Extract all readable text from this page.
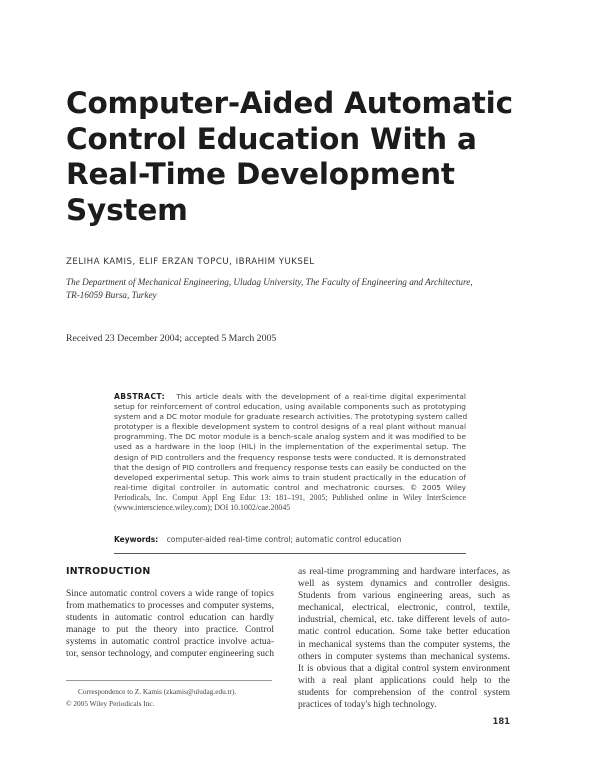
Computer-Aided Automatic
Control Education With a
Real-Time Development
System
ZELIHA KAMIS, ELIF ERZAN TOPCU, IBRAHIM YUKSEL
The Department of Mechanical Engineering, Uludag University, The Faculty of Engineering and Architecture,
TR-16059 Bursa, Turkey
Received 23 December 2004; accepted 5 March 2005
ABSTRACT: This article deals with the development of a real-time digital experimental
setup for reinforcement of control education, using available components such as prototyping
system and a DC motor module for graduate research activities. The prototyping system called
prototyper is a flexible development system to control designs of a real plant without manual
programming. The DC motor module is a bench-scale analog system and it was modified to be
used as a hardware in the loop (HIL) in the implementation of the experimental setup. The
design of PID controllers and the frequency response tests were conducted. It is demonstrated
that the design of PID controllers and frequency response tests can easily be conducted on the
developed experimental setup. This work aims to train student practically in the education of
real-time digital controller in automatic control and mechatronic courses. © 2005 Wiley
Periodicals, Inc. Comput Appl Eng Educ 13: 181–191, 2005; Published online in Wiley InterScience
(www.interscience.wiley.com); DOI 10.1002/cae.20045
Keywords: computer-aided real-time control; automatic control education
INTRODUCTION
Since automatic control covers a wide range of topics
from mathematics to processes and computer systems,
students in automatic control education can hardly
manage to put the theory into practice. Control
systems in automatic control practice involve actua-
tor, sensor technology, and computer engineering such
as real-time programming and hardware interfaces, as
well as system dynamics and controller designs.
Students from various engineering areas, such as
mechanical, electrical, electronic, control, textile,
industrial, chemical, etc. take different levels of auto-
matic control education. Some take better education
in mechanical systems than the computer systems, the
others in computer systems than mechanical systems.
It is obvious that a digital control system environment
with a real plant applications could help to the
students for comprehension of the control system
practices of today's high technology.
Correspondence to Z. Kamis (zkamis@uludag.edu.tr).
© 2005 Wiley Periodicals Inc.
181
